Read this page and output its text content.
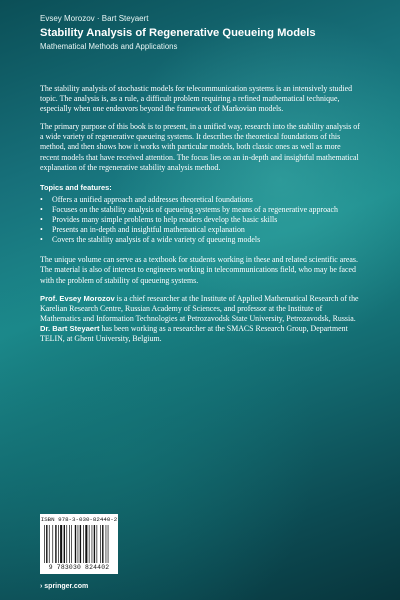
Evsey Morozov · Bart Steyaert
Stability Analysis of Regenerative Queueing Models
Mathematical Methods and Applications

The stability analysis of stochastic models for telecommunication systems is an intensively studied topic. The analysis is, as a rule, a difficult problem requiring a refined mathematical technique, especially when one endeavors beyond the framework of Markovian models.

The primary purpose of this book is to present, in a unified way, research into the stability analysis of a wide variety of regenerative queueing systems. It describes the theoretical foundations of this method, and then shows how it works with particular models, both classic ones as well as more recent models that have received attention. The focus lies on an in-depth and insightful mathematical explanation of the regenerative stability analysis method.

Topics and features:
• Offers a unified approach and addresses theoretical foundations
• Focuses on the stability analysis of queueing systems by means of a regenerative approach
• Provides many simple problems to help readers develop the basic skills
• Presents an in-depth and insightful mathematical explanation
• Covers the stability analysis of a wide variety of queueing models

The unique volume can serve as a textbook for students working in these and related scientific areas. The material is also of interest to engineers working in telecommunications field, who may be faced with the problem of stability of queueing systems.

Prof. Evsey Morozov is a chief researcher at the Institute of Applied Mathematical Research of the Karelian Research Centre, Russian Academy of Sciences, and professor at the Institute of Mathematics and Information Technologies at Petrozavodsk State University, Petrozavodsk, Russia. Dr. Bart Steyaert has been working as a researcher at the SMACS Research Group, Department TELIN, at Ghent University, Belgium.

ISBN 978-3-030-82440-2
9 783030 824402
› springer.com
